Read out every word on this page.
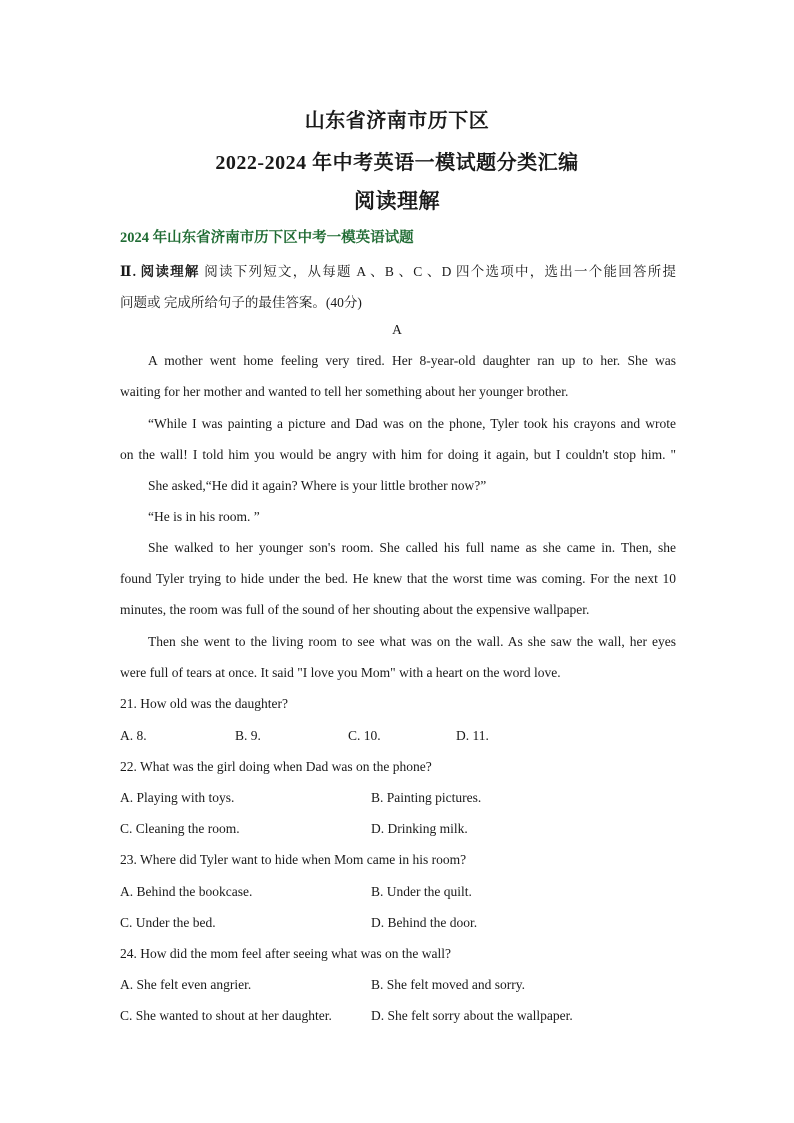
山东省济南市历下区
2022-2024 年中考英语一模试题分类汇编
阅读理解
2024 年山东省济南市历下区中考一模英语试题
Ⅱ. 阅读理解 阅读下列短文，从每题 A 、B 、C 、D 四个选项中，选出一个能回答所提
问题或 完成所给句子的最佳答案。(40分)
A
A mother went home feeling very tired. Her 8-year-old daughter ran up to her. She was
waiting for her mother and wanted to tell her something about her younger brother.
“While I was painting a picture and Dad was on the phone, Tyler took his crayons and wrote
on the wall! I told him you would be angry with him for doing it again, but I couldn't stop him. "
She asked,“He did it again? Where is your little brother now?”
“He is in his room. ”
She walked to her younger son's room. She called his full name as she came in. Then, she
found Tyler trying to hide under the bed. He knew that the worst time was coming. For the next 10
minutes, the room was full of the sound of her shouting about the expensive wallpaper.
Then she went to the living room to see what was on the wall. As she saw the wall, her eyes
were full of tears at once. It said "I love you Mom" with a heart on the word love.
21. How old was the daughter?
A. 8.	B. 9.	C. 10.	D. 11.
22. What was the girl doing when Dad was on the phone?
A. Playing with toys.	B. Painting pictures.
C. Cleaning the room.	D. Drinking milk.
23. Where did Tyler want to hide when Mom came in his room?
A. Behind the bookcase.	B. Under the quilt.
C. Under the bed.	D. Behind the door.
24. How did the mom feel after seeing what was on the wall?
A. She felt even angrier.	B. She felt moved and sorry.
C. She wanted to shout at her daughter.	D. She felt sorry about the wallpaper.
